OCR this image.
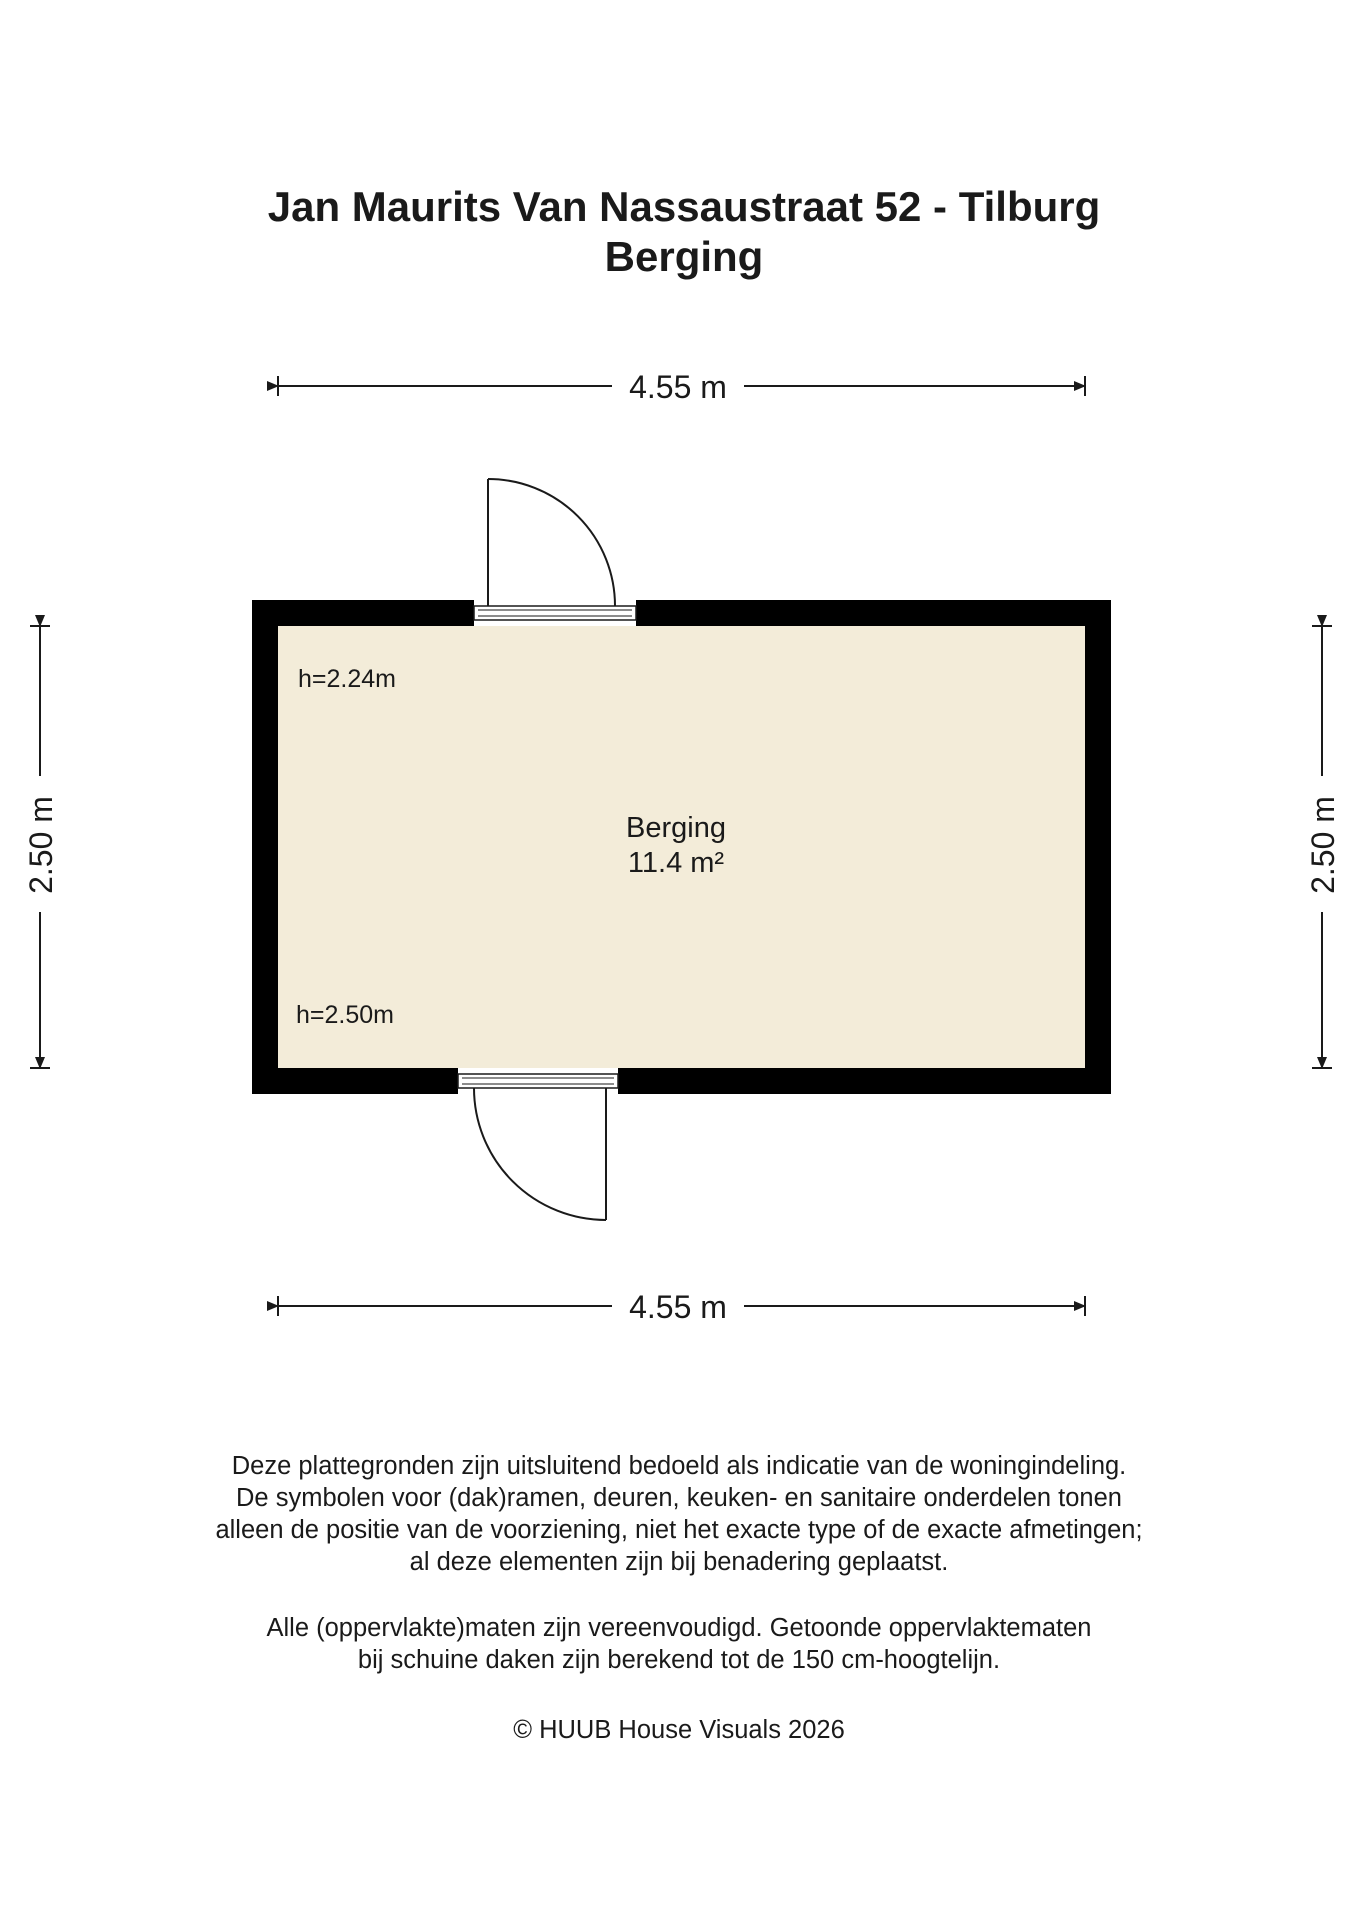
Jan Maurits Van Nassaustraat 52 - Tilburg
Berging
4.55 m
4.55 m
2.50 m	2.50 m
h=2.24m
h=2.50m
Berging
11.4 m²
Deze plattegronden zijn uitsluitend bedoeld als indicatie van de woningindeling.
De symbolen voor (dak)ramen, deuren, keuken- en sanitaire onderdelen tonen
alleen de positie van de voorziening, niet het exacte type of de exacte afmetingen;
al deze elementen zijn bij benadering geplaatst.
Alle (oppervlakte)maten zijn vereenvoudigd. Getoonde oppervlaktematen
bij schuine daken zijn berekend tot de 150 cm-hoogtelijn.

© HUUB House Visuals 2026
